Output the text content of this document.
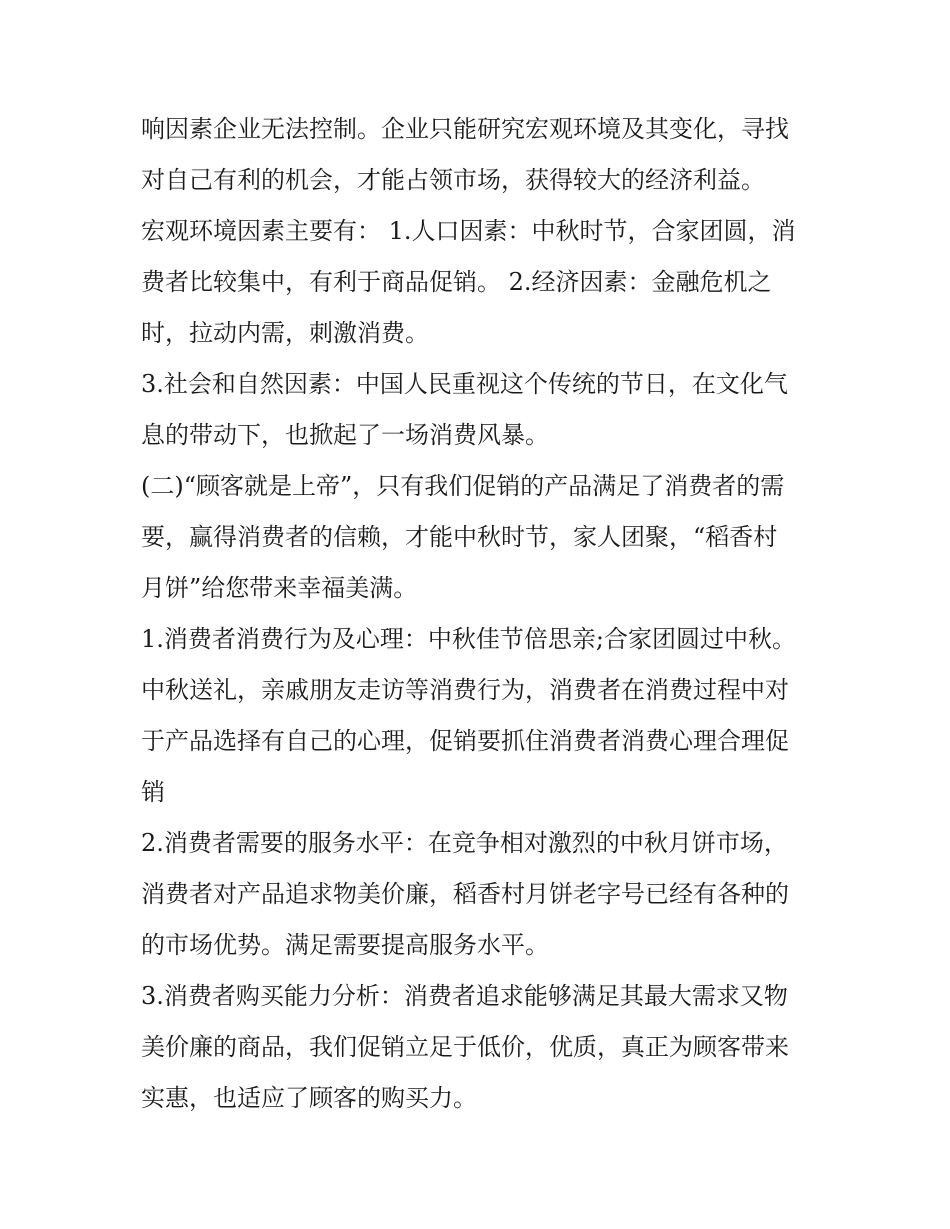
响因素企业无法控制。企业只能研究宏观环境及其变化，寻找
对自己有利的机会，才能占领市场，获得较大的经济利益。
宏观环境因素主要有： 1.人口因素：中秋时节，合家团圆，消
费者比较集中，有利于商品促销。 2.经济因素：金融危机之
时，拉动内需，刺激消费。
3.社会和自然因素：中国人民重视这个传统的节日，在文化气
息的带动下，也掀起了一场消费风暴。
(二)“顾客就是上帝”，只有我们促销的产品满足了消费者的需
要，赢得消费者的信赖，才能中秋时节，家人团聚，“稻香村
月饼”给您带来幸福美满。
1.消费者消费行为及心理：中秋佳节倍思亲;合家团圆过中秋。
中秋送礼，亲戚朋友走访等消费行为，消费者在消费过程中对
于产品选择有自己的心理，促销要抓住消费者消费心理合理促
销
2.消费者需要的服务水平：在竞争相对激烈的中秋月饼市场，
消费者对产品追求物美价廉，稻香村月饼老字号已经有各种的
的市场优势。满足需要提高服务水平。
3.消费者购买能力分析：消费者追求能够满足其最大需求又物
美价廉的商品，我们促销立足于低价，优质，真正为顾客带来
实惠，也适应了顾客的购买力。
